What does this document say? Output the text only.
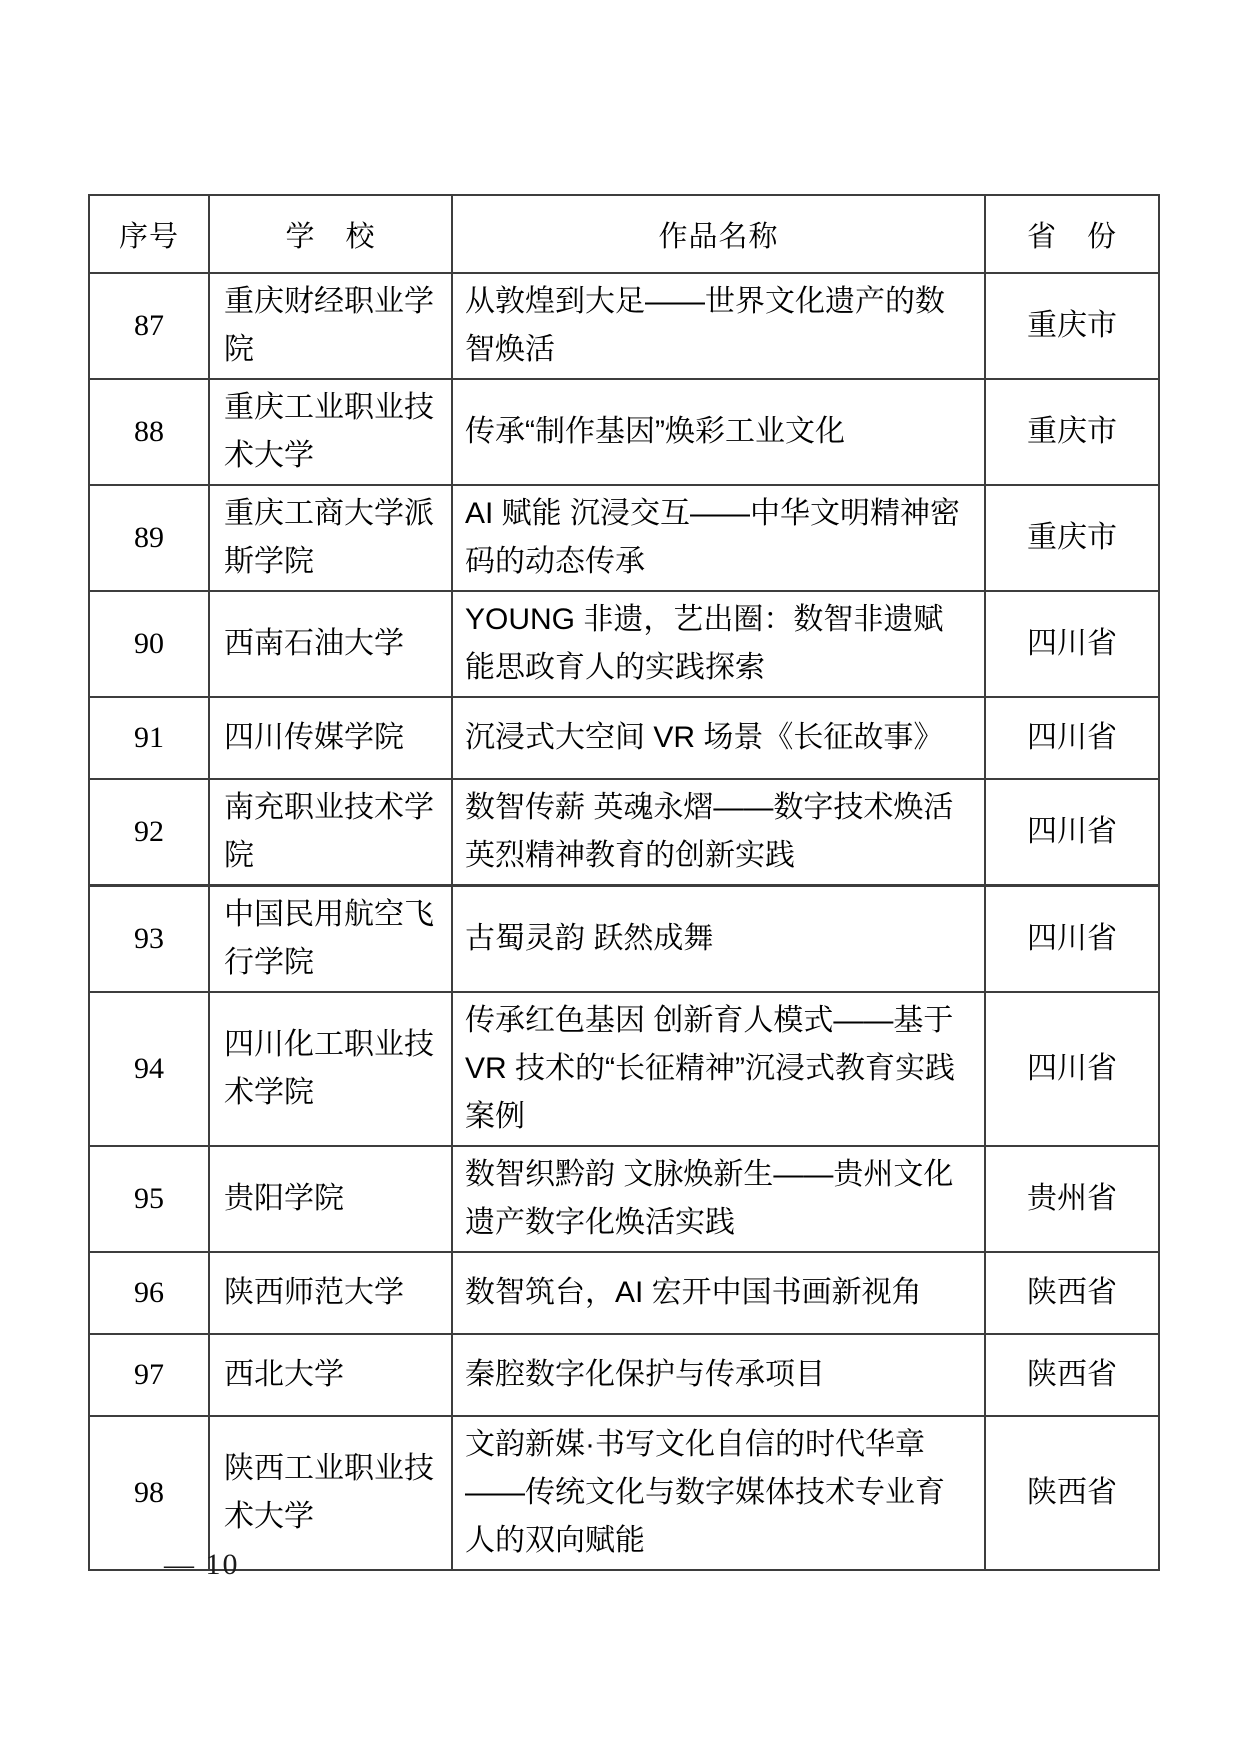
序号	学　校	作品名称	省　份
87	重庆财经职业学院	从敦煌到大足——世界文化遗产的数智焕活	重庆市
88	重庆工业职业技术大学	传承“制作基因”焕彩工业文化	重庆市
89	重庆工商大学派斯学院	AI 赋能 沉浸交互——中华文明精神密码的动态传承	重庆市
90	西南石油大学	YOUNG 非遗，艺出圈：数智非遗赋能思政育人的实践探索	四川省
91	四川传媒学院	沉浸式大空间 VR 场景《长征故事》	四川省
92	南充职业技术学院	数智传薪 英魂永熠——数字技术焕活英烈精神教育的创新实践	四川省
93	中国民用航空飞行学院	古蜀灵韵 跃然成舞	四川省
94	四川化工职业技术学院	传承红色基因 创新育人模式——基于 VR 技术的“长征精神”沉浸式教育实践案例	四川省
95	贵阳学院	数智织黔韵 文脉焕新生——贵州文化遗产数字化焕活实践	贵州省
96	陕西师范大学	数智筑台，AI 宏开中国书画新视角	陕西省
97	西北大学	秦腔数字化保护与传承项目	陕西省
98	陕西工业职业技术大学	文韵新媒·书写文化自信的时代华章——传统文化与数字媒体技术专业育人的双向赋能	陕西省
— 10
